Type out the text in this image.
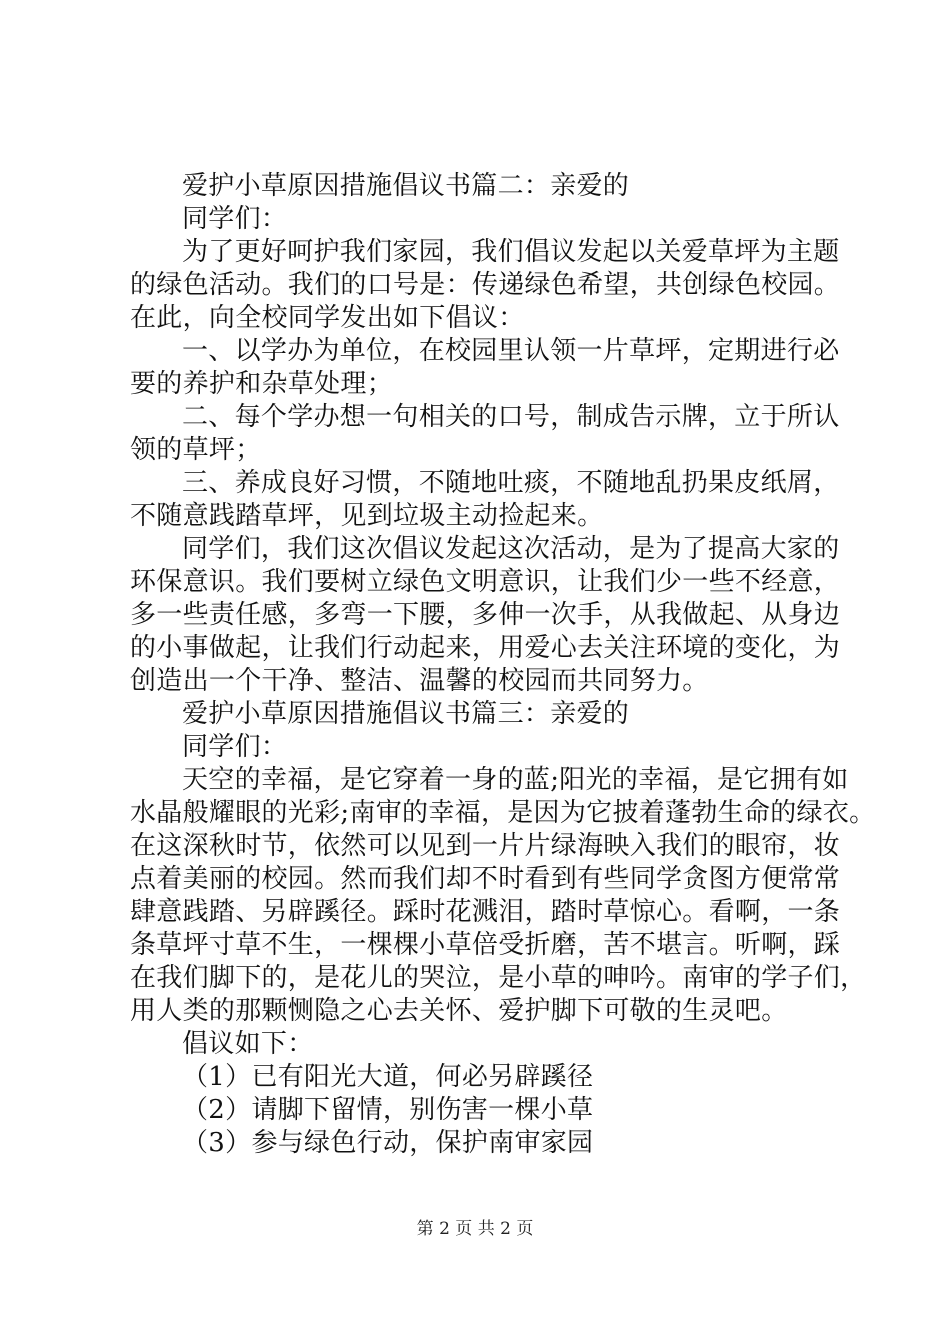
爱护小草原因措施倡议书篇二：亲爱的
同学们：
为了更好呵护我们家园，我们倡议发起以关爱草坪为主题
的绿色活动。我们的口号是：传递绿色希望，共创绿色校园。
在此，向全校同学发出如下倡议：
一、以学办为单位，在校园里认领一片草坪，定期进行必
要的养护和杂草处理；
二、每个学办想一句相关的口号，制成告示牌，立于所认
领的草坪；
三、养成良好习惯，不随地吐痰，不随地乱扔果皮纸屑，
不随意践踏草坪，见到垃圾主动捡起来。
同学们，我们这次倡议发起这次活动，是为了提高大家的
环保意识。我们要树立绿色文明意识，让我们少一些不经意，
多一些责任感，多弯一下腰，多伸一次手，从我做起、从身边
的小事做起，让我们行动起来，用爱心去关注环境的变化，为
创造出一个干净、整洁、温馨的校园而共同努力。
爱护小草原因措施倡议书篇三：亲爱的
同学们：
天空的幸福，是它穿着一身的蓝;阳光的幸福，是它拥有如
水晶般耀眼的光彩;南审的幸福，是因为它披着蓬勃生命的绿衣。
在这深秋时节，依然可以见到一片片绿海映入我们的眼帘，妆
点着美丽的校园。然而我们却不时看到有些同学贪图方便常常
肆意践踏、另辟蹊径。踩时花溅泪，踏时草惊心。看啊，一条
条草坪寸草不生，一棵棵小草倍受折磨，苦不堪言。听啊，踩
在我们脚下的，是花儿的哭泣，是小草的呻吟。南审的学子们，
用人类的那颗恻隐之心去关怀、爱护脚下可敬的生灵吧。
倡议如下：
（1）已有阳光大道，何必另辟蹊径
（2）请脚下留情，别伤害一棵小草
（3）参与绿色行动，保护南审家园
第 2 页 共 2 页
